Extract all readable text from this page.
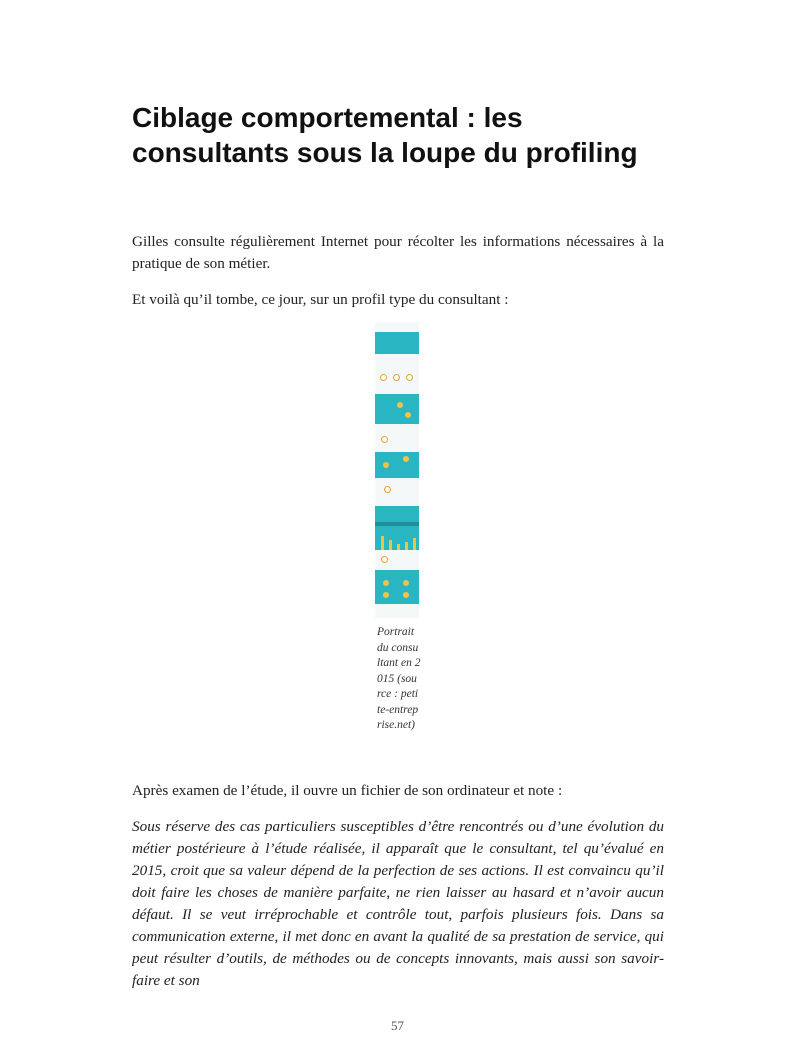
Ciblage comportemental : les consultants sous la loupe du profiling

Gilles consulte régulièrement Internet pour récolter les informations nécessaires à la pratique de son métier.

Et voilà qu’il tombe, ce jour, sur un profil type du consultant :

Portrait du consultant en 2015 (source : petite-entreprise.net)

Après examen de l’étude, il ouvre un fichier de son ordinateur et note :

Sous réserve des cas particuliers susceptibles d’être rencontrés ou d’une évolution du métier postérieure à l’étude réalisée, il apparaît que le consultant, tel qu’évalué en 2015, croit que sa valeur dépend de la perfection de ses actions. Il est convaincu qu’il doit faire les choses de manière parfaite, ne rien laisser au hasard et n’avoir aucun défaut. Il se veut irréprochable et contrôle tout, parfois plusieurs fois. Dans sa communication externe, il met donc en avant la qualité de sa prestation de service, qui peut résulter d’outils, de méthodes ou de concepts innovants, mais aussi son savoir-faire et son

57
